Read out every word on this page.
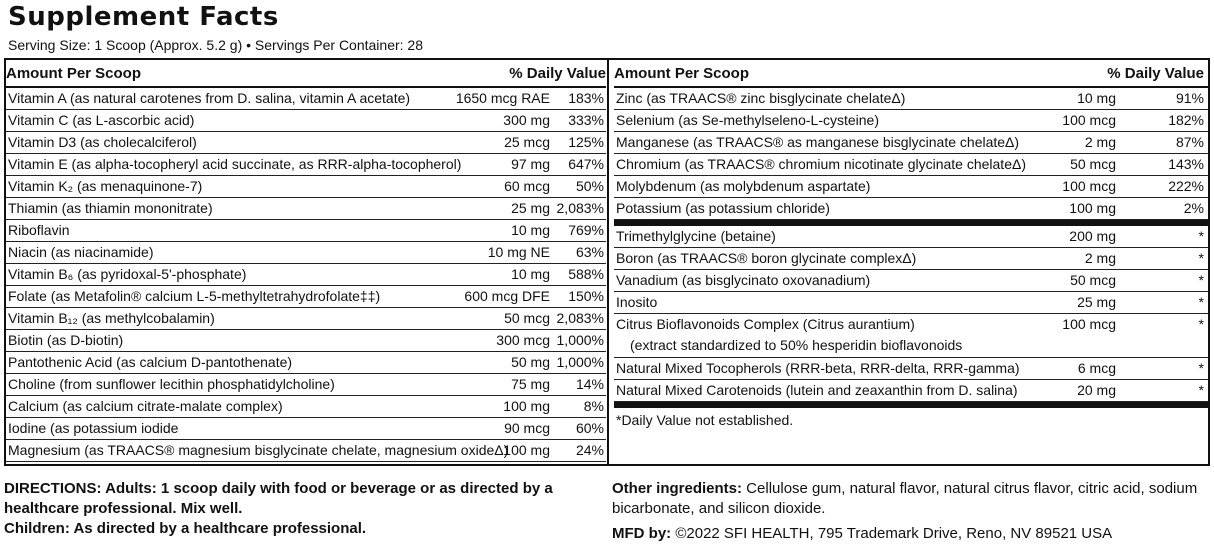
Supplement Facts
Serving Size: 1 Scoop (Approx. 5.2 g) • Servings Per Container: 28
Amount Per Scoop	% Daily Value
Vitamin A (as natural carotenes from D. salina, vitamin A acetate)	1650 mcg RAE 183%
Vitamin C (as L-ascorbic acid)	300 mg 333%
Vitamin D3 (as cholecalciferol)	25 mcg 125%
Vitamin E (as alpha-tocopheryl acid succinate, as RRR-alpha-tocopherol)	97 mg 647%
Vitamin K₂ (as menaquinone-7)	60 mcg 50%
Thiamin (as thiamin mononitrate)	25 mg 2,083%
Riboflavin	10 mg 769%
Niacin (as niacinamide)	10 mg NE 63%
Vitamin B₆ (as pyridoxal-5'-phosphate)	10 mg 588%
Folate (as Metafolin® calcium L-5-methyltetrahydrofolate‡‡)	600 mcg DFE 150%
Vitamin B₁₂ (as methylcobalamin)	50 mcg 2,083%
Biotin (as D-biotin)	300 mcg 1,000%
Pantothenic Acid (as calcium D-pantothenate)	50 mg 1,000%
Choline (from sunflower lecithin phosphatidylcholine)	75 mg 14%
Calcium (as calcium citrate-malate complex)	100 mg 8%
Iodine (as potassium iodide	90 mcg 60%
Magnesium (as TRAACS® magnesium bisglycinate chelate, magnesium oxideΔ)
100 mg 24%
Amount Per Scoop	% Daily Value
Zinc (as TRAACS® zinc bisglycinate chelateΔ)	10 mg	91%
Selenium (as Se-methylseleno-L-cysteine)	100 mcg	182%
Manganese (as TRAACS® as manganese bisglycinate chelateΔ)	2 mg	87%
Chromium (as TRAACS® chromium nicotinate glycinate chelateΔ)	50 mcg	143%
Molybdenum (as molybdenum aspartate)	100 mcg	222%
Potassium (as potassium chloride)	100 mg	2%
Trimethylglycine (betaine)	200 mg	*
Boron (as TRAACS® boron glycinate complexΔ)	2 mg	*
Vanadium (as bisglycinato oxovanadium)	50 mcg	*
Inosito	25 mg	*
Citrus Bioflavonoids Complex (Citrus aurantium)
(extract standardized to 50% hesperidin bioflavonoids
100 mcg	*
Natural Mixed Tocopherols (RRR-beta, RRR-delta, RRR-gamma)	6 mcg	*
Natural Mixed Carotenoids (lutein and zeaxanthin from D. salina)	20 mg	*
*Daily Value not established.
DIRECTIONS: Adults: 1 scoop daily with food or beverage or as directed by a healthcare professional. Mix well.
Children: As directed by a healthcare professional.
Other ingredients: Cellulose gum, natural flavor, natural citrus flavor, citric acid, sodium bicarbonate, and silicon dioxide.
MFD by: ©2022 SFI HEALTH, 795 Trademark Drive, Reno, NV 89521 USA
